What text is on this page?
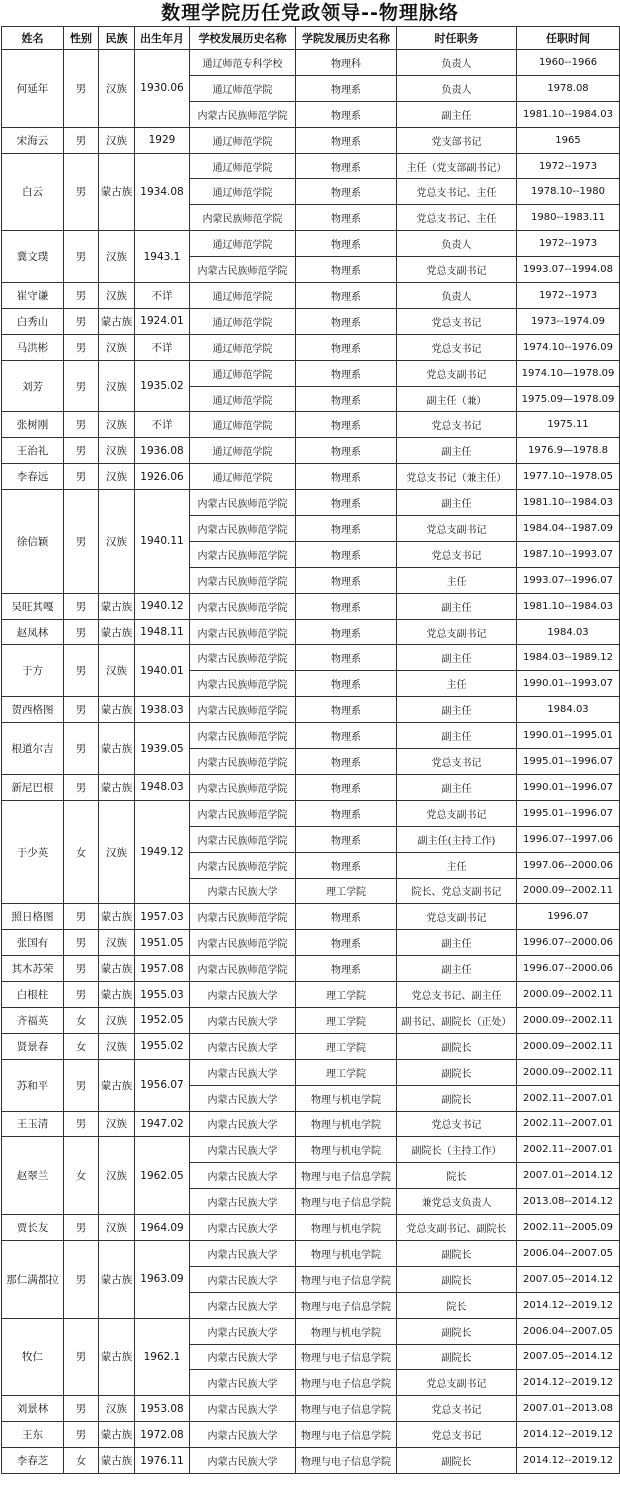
数理学院历任党政领导--物理脉络
姓名	性别	民族	出生年月	学校发展历史名称	学院发展历史名称	时任职务	任职时间
何延年	男	汉族	1930.06	通辽师范专科学校	物理科	负责人	1960--1966
				通辽师范学院	物理系	负责人	1978.08
				内蒙古民族师范学院	物理系	副主任	1981.10--1984.03
宋海云	男	汉族	1929	通辽师范学院	物理系	党支部书记	1965
白云	男	蒙古族	1934.08	通辽师范学院	物理系	主任（党支部副书记）	1972--1973
				通辽师范学院	物理系	党总支书记、主任	1978.10--1980
				内蒙民族师范学院	物理系	党总支书记、主任	1980--1983.11
冀文璞	男	汉族	1943.1	通辽师范学院	物理系	负责人	1972--1973
				内蒙古民族师范学院	物理系	党总支副书记	1993.07--1994.08
崔守谦	男	汉族	不详	通辽师范学院	物理系	负责人	1972--1973
白秀山	男	蒙古族	1924.01	通辽师范学院	物理系	党总支书记	1973--1974.09
马洪彬	男	汉族	不详	通辽师范学院	物理系	党总支书记	1974.10--1976.09
刘芳	男	汉族	1935.02	通辽师范学院	物理系	党总支副书记	1974.10—1978.09
				通辽师范学院	物理系	副主任（兼）	1975.09—1978.09
张树刚	男	汉族	不详	通辽师范学院	物理系	党总支书记	1975.11
王治礼	男	汉族	1936.08	通辽师范学院	物理系	副主任	1976.9—1978.8
李春远	男	汉族	1926.06	通辽师范学院	物理系	党总支书记（兼主任）	1977.10--1978.05
徐信颖	男	汉族	1940.11	内蒙古民族师范学院	物理系	副主任	1981.10--1984.03
				内蒙古民族师范学院	物理系	党总支副书记	1984.04--1987.09
				内蒙古民族师范学院	物理系	党总支书记	1987.10--1993.07
				内蒙古民族师范学院	物理系	主任	1993.07--1996.07
吴旺其嘎	男	蒙古族	1940.12	内蒙古民族师范学院	物理系	副主任	1981.10--1984.03
赵凤林	男	蒙古族	1948.11	内蒙古民族师范学院	物理系	党总支副书记	1984.03
于方	男	汉族	1940.01	内蒙古民族师范学院	物理系	副主任	1984.03--1989.12
				内蒙古民族师范学院	物理系	主任	1990.01--1993.07
贺西格图	男	蒙古族	1938.03	内蒙古民族师范学院	物理系	副主任	1984.03
根道尔吉	男	蒙古族	1939.05	内蒙古民族师范学院	物理系	副主任	1990.01--1995.01
				内蒙古民族师范学院	物理系	党总支书记	1995.01--1996.07
新尼巴根	男	蒙古族	1948.03	内蒙古民族师范学院	物理系	副主任	1990.01--1996.07
于少英	女	汉族	1949.12	内蒙古民族师范学院	物理系	党总支副书记	1995.01--1996.07
				内蒙古民族师范学院	物理系	副主任(主持工作)	1996.07--1997.06
				内蒙古民族师范学院	物理系	主任	1997.06--2000.06
				内蒙古民族大学	理工学院	院长、党总支副书记	2000.09--2002.11
照日格图	男	蒙古族	1957.03	内蒙古民族师范学院	物理系	党总支副书记	1996.07
张国有	男	汉族	1951.05	内蒙古民族师范学院	物理系	副主任	1996.07--2000.06
其木苏荣	男	蒙古族	1957.08	内蒙古民族师范学院	物理系	副主任	1996.07--2000.06
白根柱	男	蒙古族	1955.03	内蒙古民族大学	理工学院	党总支书记、副主任	2000.09--2002.11
齐福英	女	汉族	1952.05	内蒙古民族大学	理工学院	副书记、副院长（正处）	2000.09--2002.11
贤景春	女	汉族	1955.02	内蒙古民族大学	理工学院	副院长	2000.09--2002.11
苏和平	男	蒙古族	1956.07	内蒙古民族大学	理工学院	副院长	2000.09--2002.11
				内蒙古民族大学	物理与机电学院	副院长	2002.11--2007.01
王玉清	男	汉族	1947.02	内蒙古民族大学	物理与机电学院	党总支书记	2002.11--2007.01
赵翠兰	女	汉族	1962.05	内蒙古民族大学	物理与机电学院	副院长（主持工作）	2002.11--2007.01
				内蒙古民族大学	物理与电子信息学院	院长	2007.01--2014.12
				内蒙古民族大学	物理与电子信息学院	兼党总支负责人	2013.08--2014.12
贾长友	男	汉族	1964.09	内蒙古民族大学	物理与机电学院	党总支副书记、副院长	2002.11--2005.09
那仁满都拉	男	蒙古族	1963.09	内蒙古民族大学	物理与机电学院	副院长	2006.04--2007.05
				内蒙古民族大学	物理与电子信息学院	副院长	2007.05--2014.12
				内蒙古民族大学	物理与电子信息学院	院长	2014.12--2019.12
牧仁	男	蒙古族	1962.1	内蒙古民族大学	物理与机电学院	副院长	2006.04--2007.05
				内蒙古民族大学	物理与电子信息学院	副院长	2007.05--2014.12
				内蒙古民族大学	物理与电子信息学院	党总支副书记	2014.12--2019.12
刘景林	男	汉族	1953.08	内蒙古民族大学	物理与电子信息学院	党总支书记	2007.01--2013.08
王东	男	蒙古族	1972.08	内蒙古民族大学	物理与电子信息学院	党总支书记	2014.12--2019.12
李春芝	女	蒙古族	1976.11	内蒙古民族大学	物理与电子信息学院	副院长	2014.12--2019.12
